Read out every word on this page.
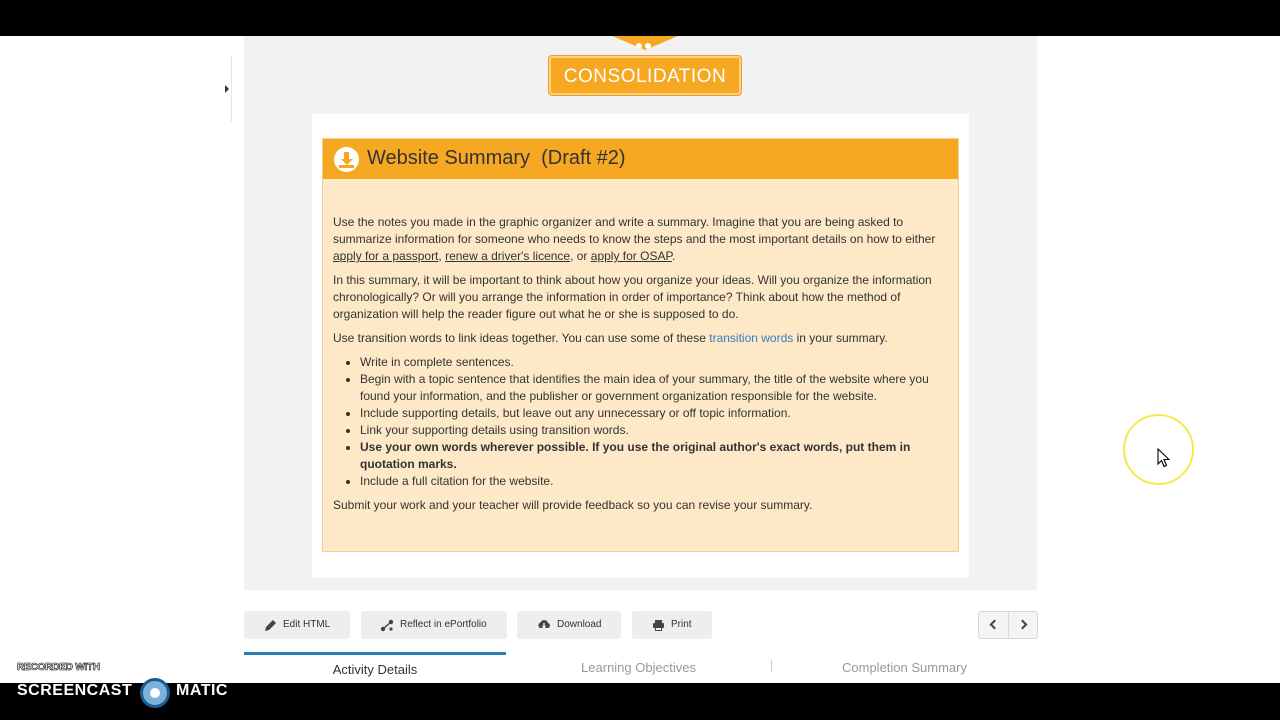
CONSOLIDATION
Website Summary  (Draft #2)

Use the notes you made in the graphic organizer and write a summary. Imagine that you are being asked to summarize information for someone who needs to know the steps and the most important details on how to either apply for a passport, renew a driver's licence, or apply for OSAP.

In this summary, it will be important to think about how you organize your ideas. Will you organize the information chronologically? Or will you arrange the information in order of importance? Think about how the method of organization will help the reader figure out what he or she is supposed to do.

Use transition words to link ideas together. You can use some of these transition words in your summary.

• Write in complete sentences.
• Begin with a topic sentence that identifies the main idea of your summary, the title of the website where you found your information, and the publisher or government organization responsible for the website.
• Include supporting details, but leave out any unnecessary or off topic information.
• Link your supporting details using transition words.
• Use your own words wherever possible. If you use the original author's exact words, put them in quotation marks.
• Include a full citation for the website.

Submit your work and your teacher will provide feedback so you can revise your summary.

Edit HTML	Reflect in ePortfolio	Download	Print
Activity Details	Learning Objectives	Completion Summary
RECORDED WITH
SCREENCAST	MATIC
